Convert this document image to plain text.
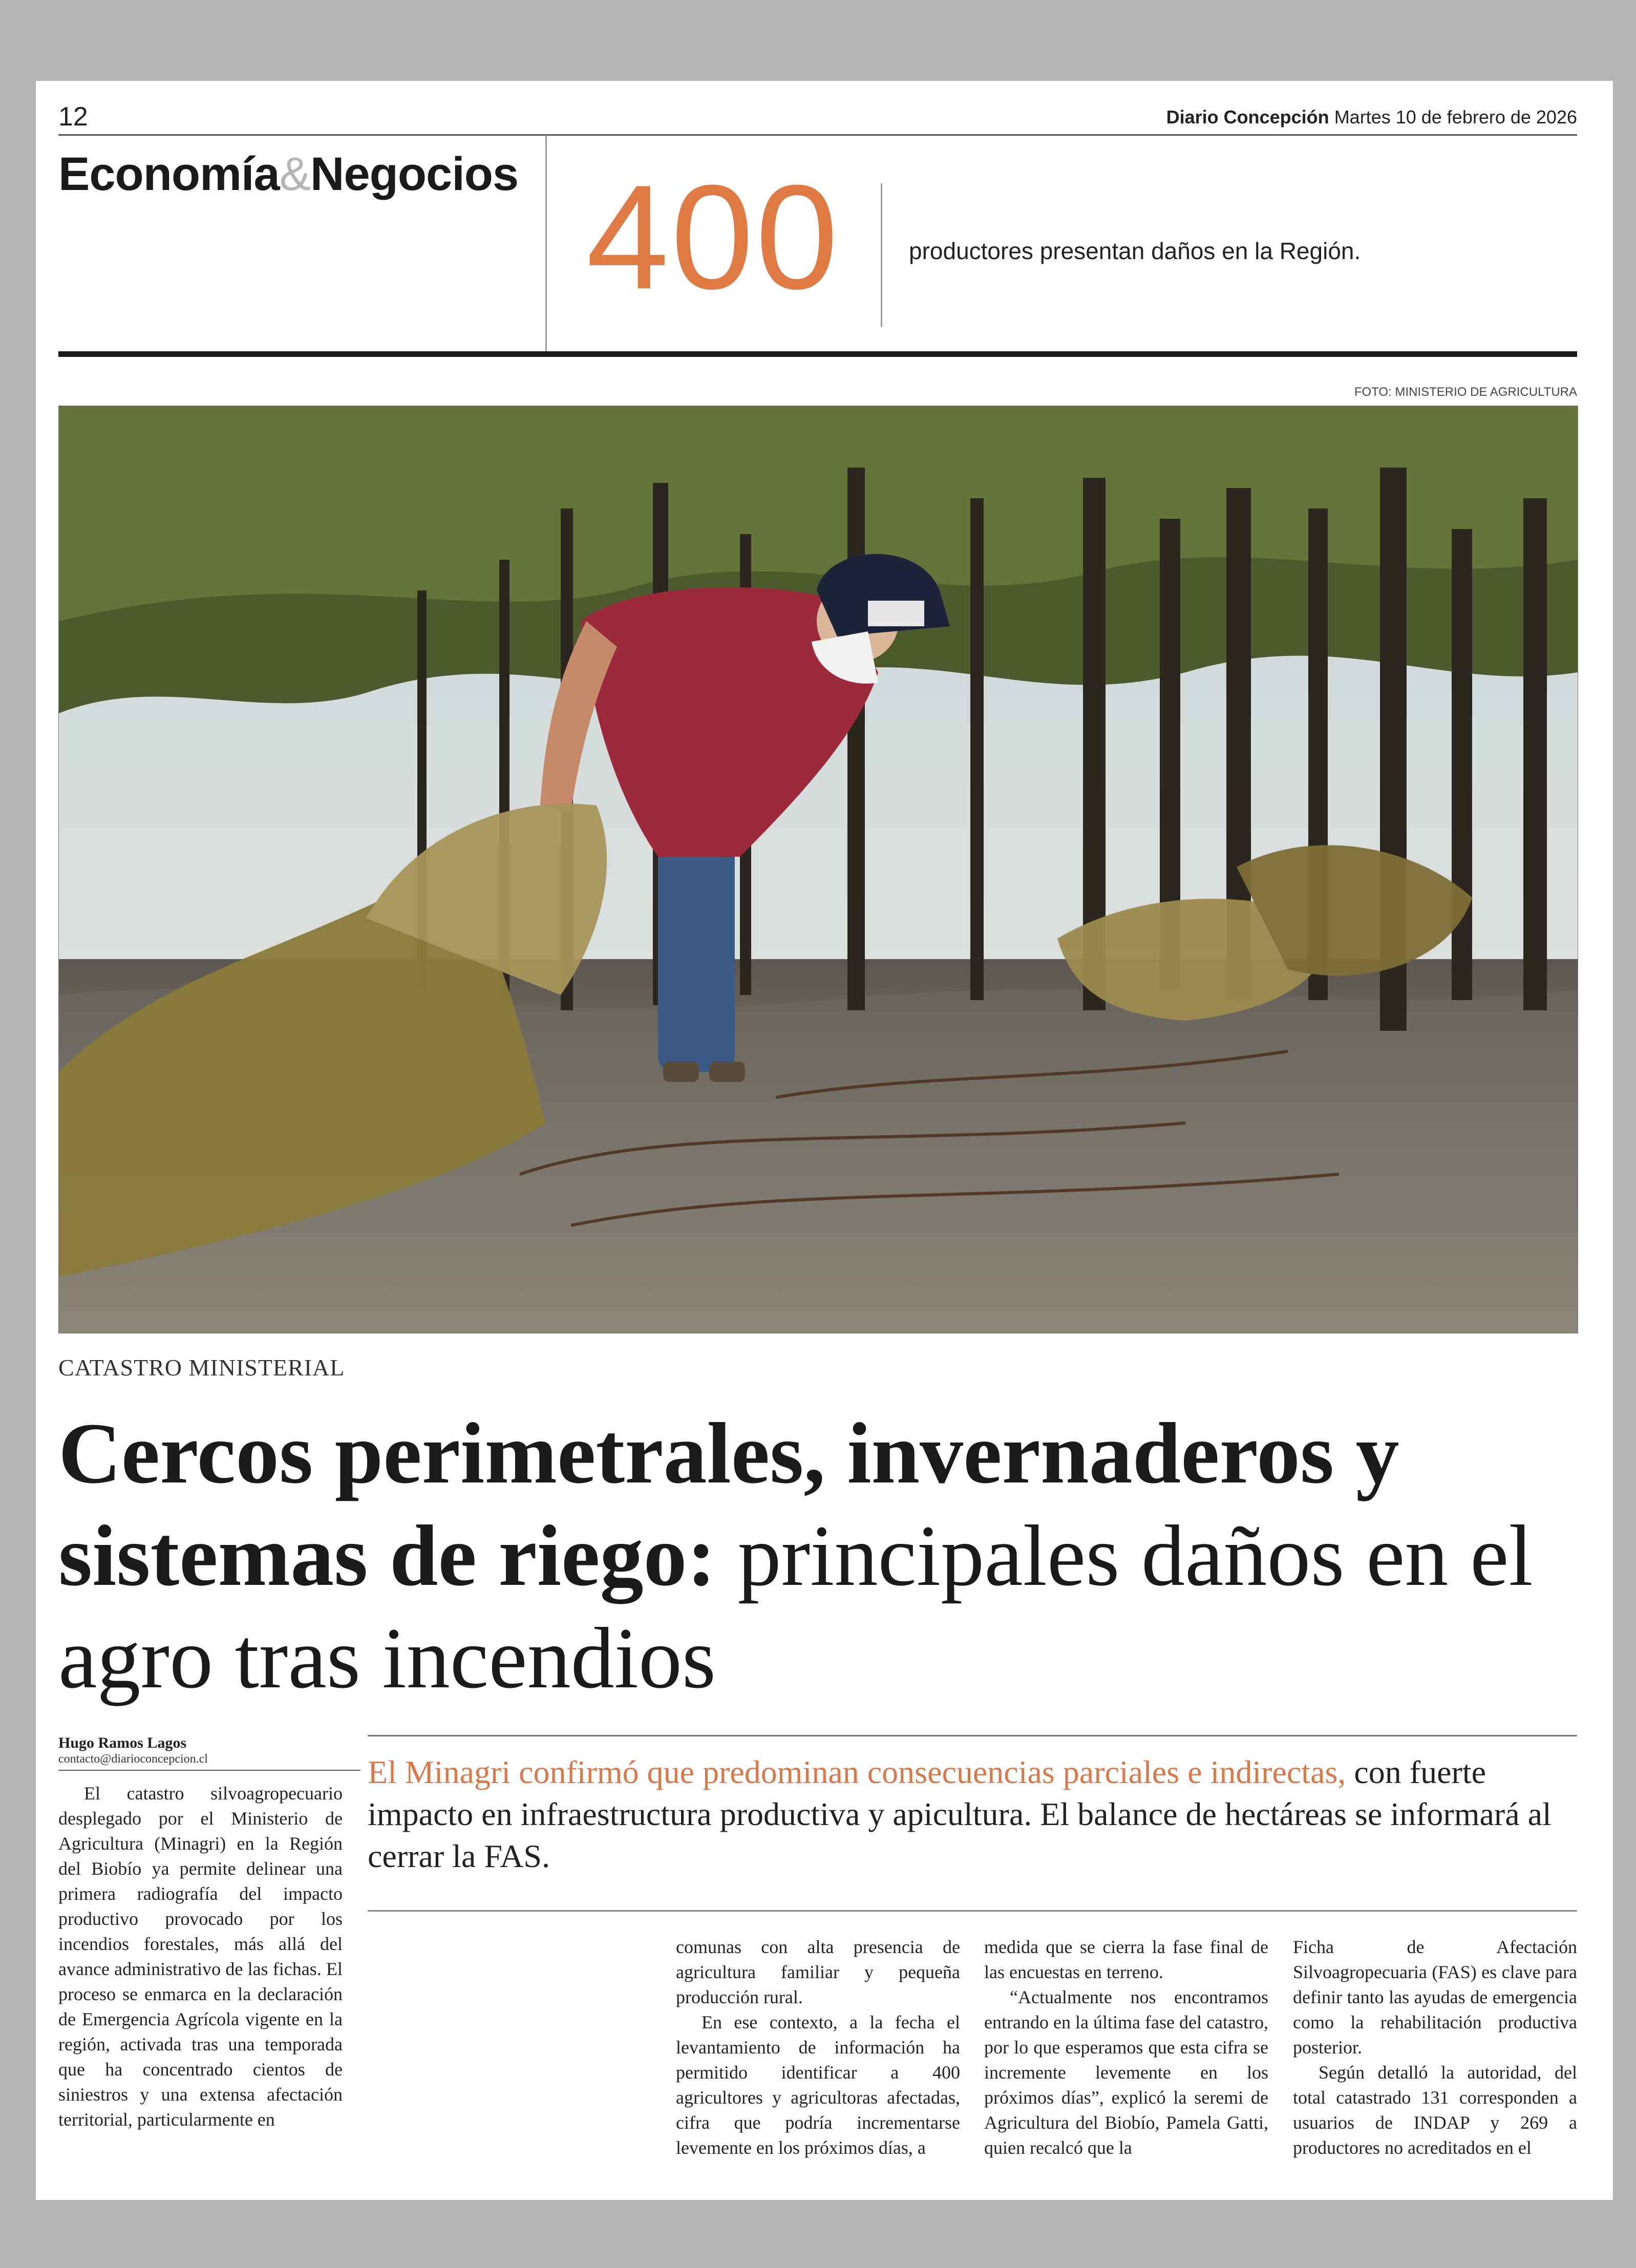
12	Diario Concepción Martes 10 de febrero de 2026
Economía&Negocios 400	productores presentan daños en la Región.
FOTO: MINISTERIO DE AGRICULTURA
CATASTRO MINISTERIAL
Cercos perimetrales, invernaderos y sistemas de riego: principales daños en el agro tras incendios
Hugo Ramos Lagos
contacto@diarioconcepcion.cl	El Minagri confirmó que predominan consecuencias parciales e indirectas, con fuerte impacto en infraestructura productiva y apicultura. El balance de hectáreas se informará al cerrar la FAS.

El catastro silvoagropecuario desplegado por el Ministerio de Agricultura (Minagri) en la Región del Biobío ya permite delinear una primera radiografía del impacto productivo provocado por los incendios forestales, más allá del avance administrativo de las fichas. El proceso se enmarca en la declaración de Emergencia Agrícola vigente en la región, activada tras una temporada que ha concentrado cientos de siniestros y una extensa afectación territorial, particularmente en

comunas con alta presencia de agricultura familiar y pequeña producción rural.

En ese contexto, a la fecha el levantamiento de información ha permitido identificar a 400 agricultores y agricultoras afectadas, cifra que podría incrementarse levemente en los próximos días, a

medida que se cierra la fase final de las encuestas en terreno.

“Actualmente nos encontramos entrando en la última fase del catastro, por lo que esperamos que esta cifra se incremente levemente en los próximos días”, explicó la seremi de Agricultura del Biobío, Pamela Gatti, quien recalcó que la

Ficha de Afectación Silvoagropecuaria (FAS) es clave para definir tanto las ayudas de emergencia como la rehabilitación productiva posterior.

Según detalló la autoridad, del total catastrado 131 corresponden a usuarios de INDAP y 269 a productores no acreditados en el
